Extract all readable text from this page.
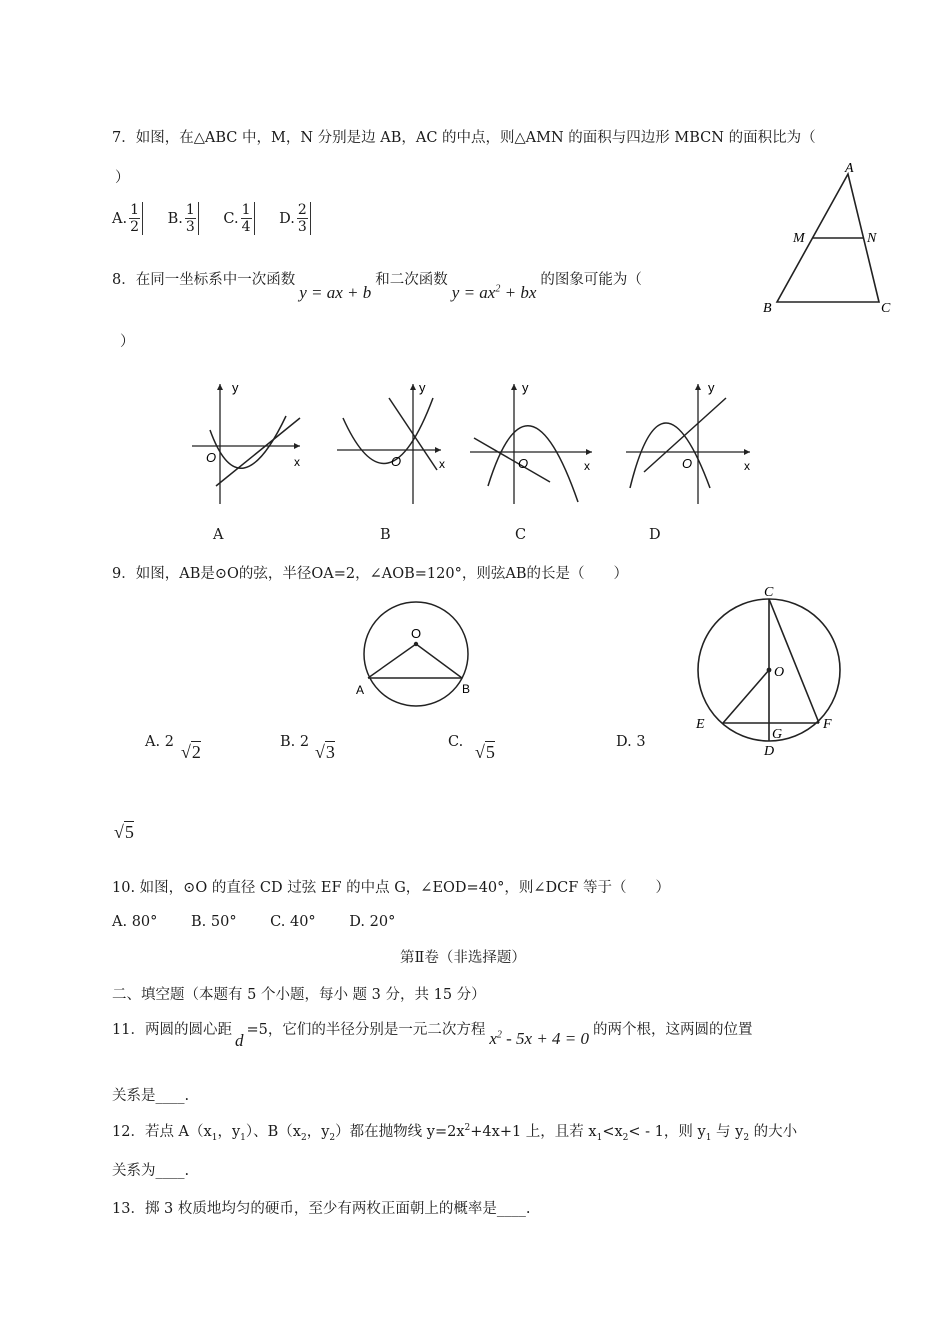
7．如图，在△ABC 中，M，N 分别是边 AB，AC 的中点，则△AMN 的面积与四边形 MBCN 的面积比为（
）
A. $\frac{1}{2} B$. $\frac{1}{3} C$. $\frac{1}{4} D$. $\frac{2}{3}$
A
M	N
B	C
8．在同一坐标系中一次函数y = ax + b和二次函数$y = ax^2$ + bx的图象可能为（
）
y
x
O
A
y
x
O
B
y
x
O
C
y
x
O
D
9．如图，AB是⊙O的弦，半径OA=2，∠AOB=120°，则弦AB的长是（　　）
O
A	B
A. 2 √2	B. 2 √3	C. √5	D. 3
√5
C
O
E
G
F
D
10. 如图，⊙O 的直径 CD 过弦 EF 的中点 G，∠EOD=40°，则∠DCF 等于（　　）
A. 80°　　 B. 50°　　 C. 40°　　 D. 20°
第Ⅱ卷（非选择题）
二、填空题（本题有 5 个小题，每小 题 3 分，共 15 分）
11．两圆的圆心距d=5，它们的半径分别是一元二次方程 $x^2 - 5x + 4 = 0$ 的两个根，这两圆的位置
关系是____.
12．若点 $A(x_1$，$y_1$）、$B(x_2$，$y_2$）都在抛物线 $y=2x^2+4x+1$ 上，且若 $x_1<x_2< - 1$，则 $y_1$ 与 $y_2$ 的大小
关系为____.
13．掷 3 枚质地均匀的硬币，至少有两枚正面朝上的概率是____.
